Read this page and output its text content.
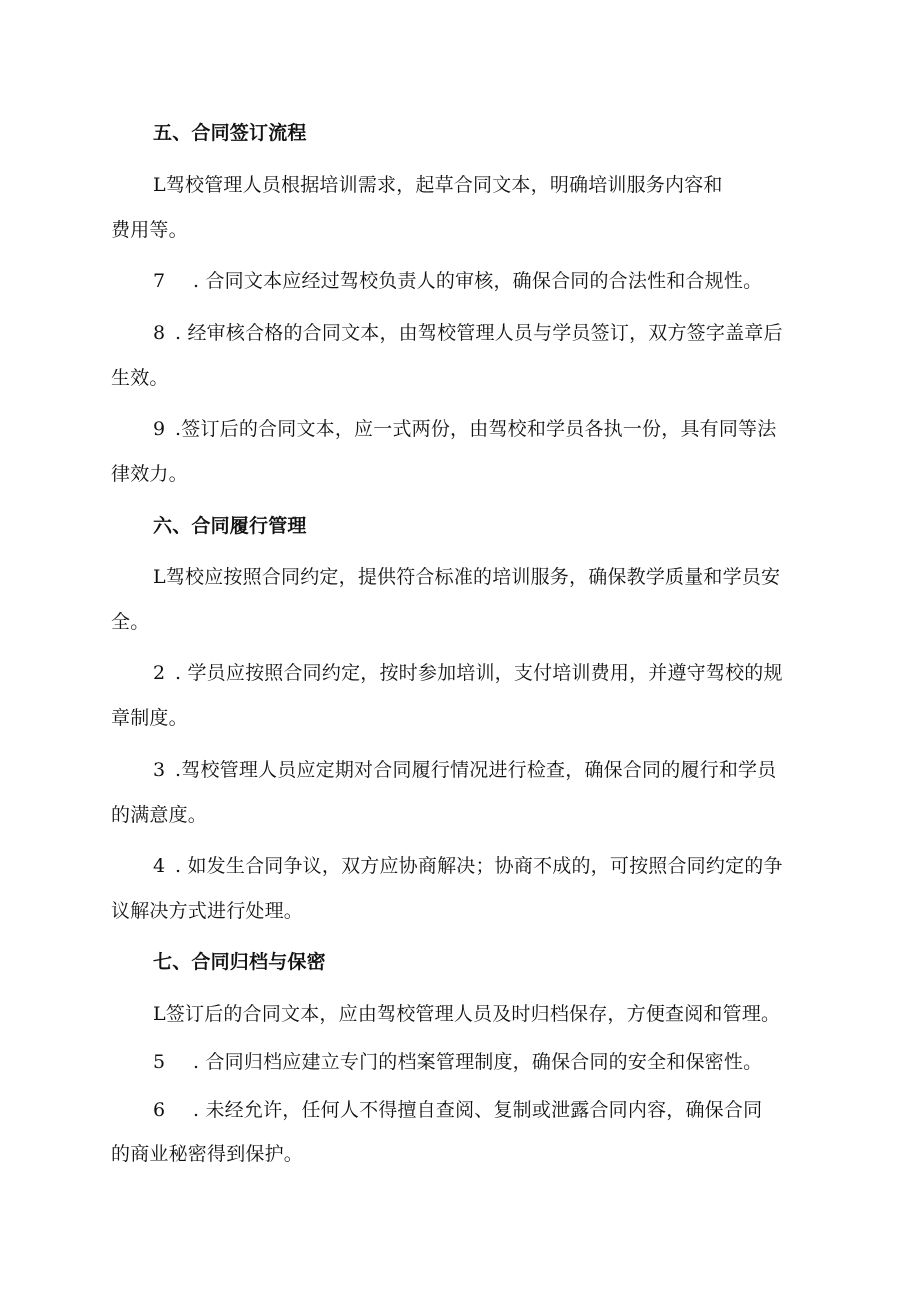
五、合同签订流程
L驾校管理人员根据培训需求，起草合同文本，明确培训服务内容和
费用等。
7 . 合同文本应经过驾校负责人的审核，确保合同的合法性和合规性。
8 . 经审核合格的合同文本，由驾校管理人员与学员签订，双方签字盖章后
生效。
9 .签订后的合同文本，应一式两份，由驾校和学员各执一份，具有同等法
律效力。
六、合同履行管理
L驾校应按照合同约定，提供符合标准的培训服务，确保教学质量和学员安
全。
2 . 学员应按照合同约定，按时参加培训，支付培训费用，并遵守驾校的规
章制度。
3 .驾校管理人员应定期对合同履行情况进行检查，确保合同的履行和学员
的满意度。
4 . 如发生合同争议，双方应协商解决；协商不成的，可按照合同约定的争
议解决方式进行处理。
七、合同归档与保密
L签订后的合同文本，应由驾校管理人员及时归档保存，方便查阅和管理。
5 . 合同归档应建立专门的档案管理制度，确保合同的安全和保密性。
6 . 未经允许，任何人不得擅自查阅、复制或泄露合同内容，确保合同
的商业秘密得到保护。
